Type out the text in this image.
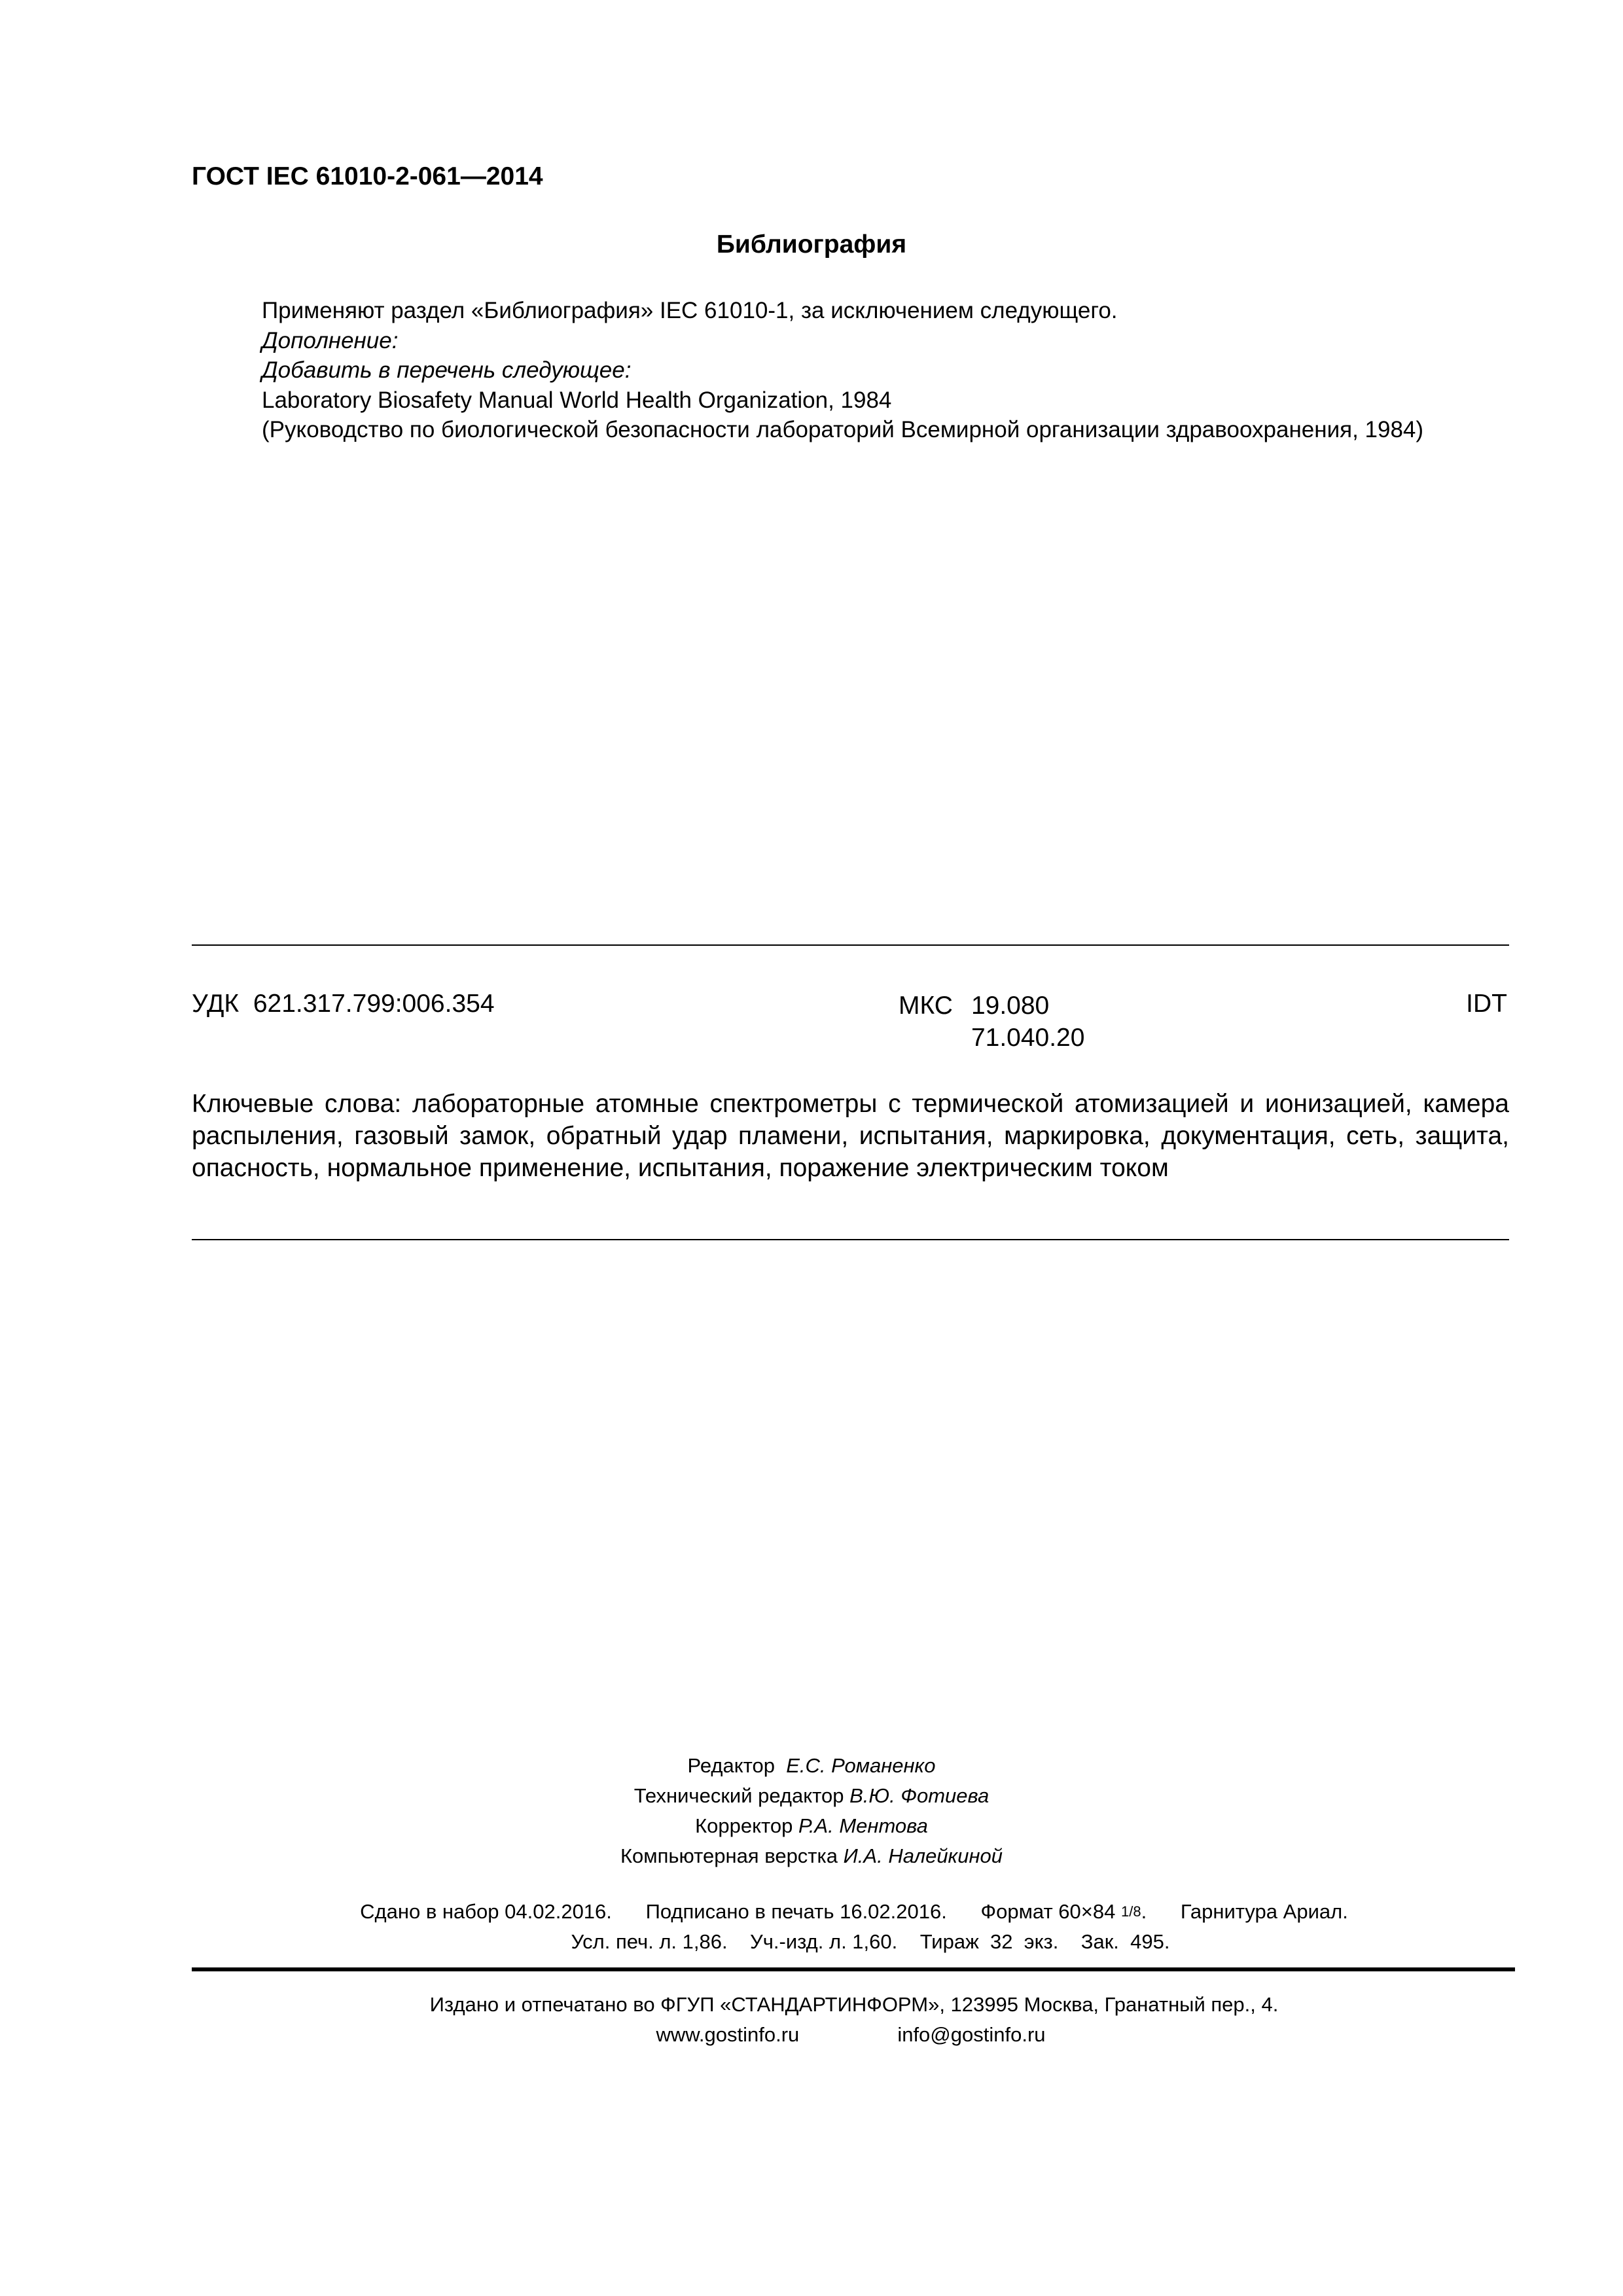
ГОСТ IEC 61010-2-061—2014
Библиография
Применяют раздел «Библиография» IEC 61010-1, за исключением следующего.
Дополнение:
Добавить в перечень следующее:
Laboratory Biosafety Manual World Health Organization, 1984
(Руководство по биологической безопасности лабораторий Всемирной организации здравоохранения, 1984)
УДК 621.317.799:006.354	МКС 19.080
71.040.20
IDT

Ключевые слова: лабораторные атомные спектрометры с термической атомизацией и ионизацией, камера распыления, газовый замок, обратный удар пламени, испытания, маркировка, документация, сеть, защита, опасность, нормальное применение, испытания, поражение электрическим током

Редактор Е.С. Романенко
Технический редактор В.Ю. Фотиева
Корректор Р.А. Ментова
Компьютерная верстка И.А. Налейкиной
Сдано в набор 04.02.2016. Подписано в печать 16.02.2016. Формат 60×84 1/8. Гарнитура Ариал.
Усл. печ. л. 1,86. Уч.-изд. л. 1,60. Тираж  32  экз. Зак.  495.
Издано и отпечатано во ФГУП «СТАНДАРТИНФОРМ», 123995 Москва, Гранатный пер., 4.
www.gostinfo.ru	info@gostinfo.ru
